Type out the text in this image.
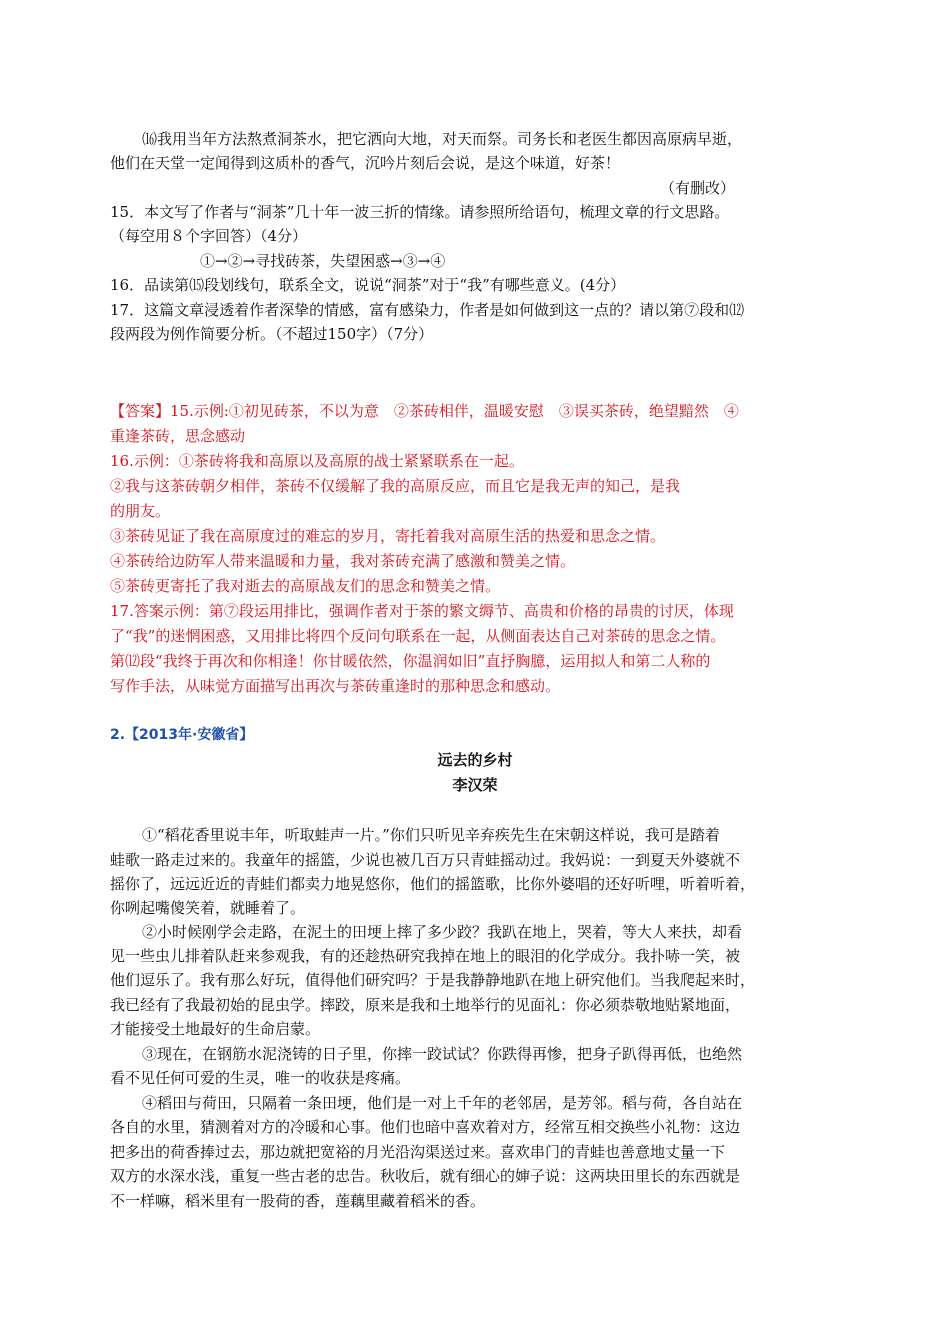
⒃我用当年方法熬煮洞茶水，把它洒向大地，对天而祭。司务长和老医生都因高原病早逝，
他们在天堂一定闻得到这质朴的香气，沉吟片刻后会说，是这个味道，好茶！
（有删改）
15．本文写了作者与“洞茶”几十年一波三折的情缘。请参照所给语句，梳理文章的行文思路。
（每空用８个字回答）（4分）
①→②→寻找砖茶，失望困惑→③→④
16．品读第⒂段划线句，联系全文，说说“洞茶”对于“我”有哪些意义。(4分）
17．这篇文章浸透着作者深挚的情感，富有感染力，作者是如何做到这一点的？请以第⑦段和⑿
段两段为例作简要分析。（不超过150字）（7分）
【答案】15.示例:①初见砖茶，不以为意　②茶砖相伴，温暖安慰　③误买茶砖，绝望黯然　④
重逢茶砖，思念感动
16.示例：①茶砖将我和高原以及高原的战士紧紧联系在一起。
②我与这茶砖朝夕相伴，茶砖不仅缓解了我的高原反应，而且它是我无声的知己，是我
的朋友。
③茶砖见证了我在高原度过的难忘的岁月，寄托着我对高原生活的热爱和思念之情。
④茶砖给边防军人带来温暖和力量，我对茶砖充满了感激和赞美之情。
⑤茶砖更寄托了我对逝去的高原战友们的思念和赞美之情。
17.答案示例：第⑦段运用排比，强调作者对于茶的繁文缛节、高贵和价格的昂贵的讨厌，体现
了“我”的迷惘困惑，又用排比将四个反问句联系在一起，从侧面表达自己对茶砖的思念之情。
第⑿段“我终于再次和你相逢！你甘暖依然，你温润如旧”直抒胸臆，运用拟人和第二人称的
写作手法，从味觉方面描写出再次与茶砖重逢时的那种思念和感动。
2.【2013年·安徽省】
远去的乡村
李汉荣
①“稻花香里说丰年，听取蛙声一片。”你们只听见辛弃疾先生在宋朝这样说，我可是踏着
蛙歌一路走过来的。我童年的摇篮，少说也被几百万只青蛙摇动过。我妈说：一到夏天外婆就不
摇你了，远远近近的青蛙们都卖力地晃悠你，他们的摇篮歌，比你外婆唱的还好听哩，听着听着，
你咧起嘴傻笑着，就睡着了。
②小时候刚学会走路，在泥土的田埂上摔了多少跤？我趴在地上，哭着，等大人来扶，却看
见一些虫儿排着队赶来参观我，有的还趁热研究我掉在地上的眼泪的化学成分。我扑哧一笑，被
他们逗乐了。我有那么好玩，值得他们研究吗？于是我静静地趴在地上研究他们。当我爬起来时，
我已经有了我最初始的昆虫学。摔跤，原来是我和土地举行的见面礼：你必须恭敬地贴紧地面，
才能接受土地最好的生命启蒙。
③现在，在钢筋水泥浇铸的日子里，你摔一跤试试？你跌得再惨，把身子趴得再低，也绝然
看不见任何可爱的生灵，唯一的收获是疼痛。
④稻田与荷田，只隔着一条田埂，他们是一对上千年的老邻居，是芳邻。稻与荷，各自站在
各自的水里，猜测着对方的冷暖和心事。他们也暗中喜欢着对方，经常互相交换些小礼物：这边
把多出的荷香捧过去，那边就把宽裕的月光沿沟渠送过来。喜欢串门的青蛙也善意地丈量一下
双方的水深水浅，重复一些古老的忠告。秋收后，就有细心的婶子说：这两块田里长的东西就是
不一样嘛，稻米里有一股荷的香，莲藕里藏着稻米的香。
